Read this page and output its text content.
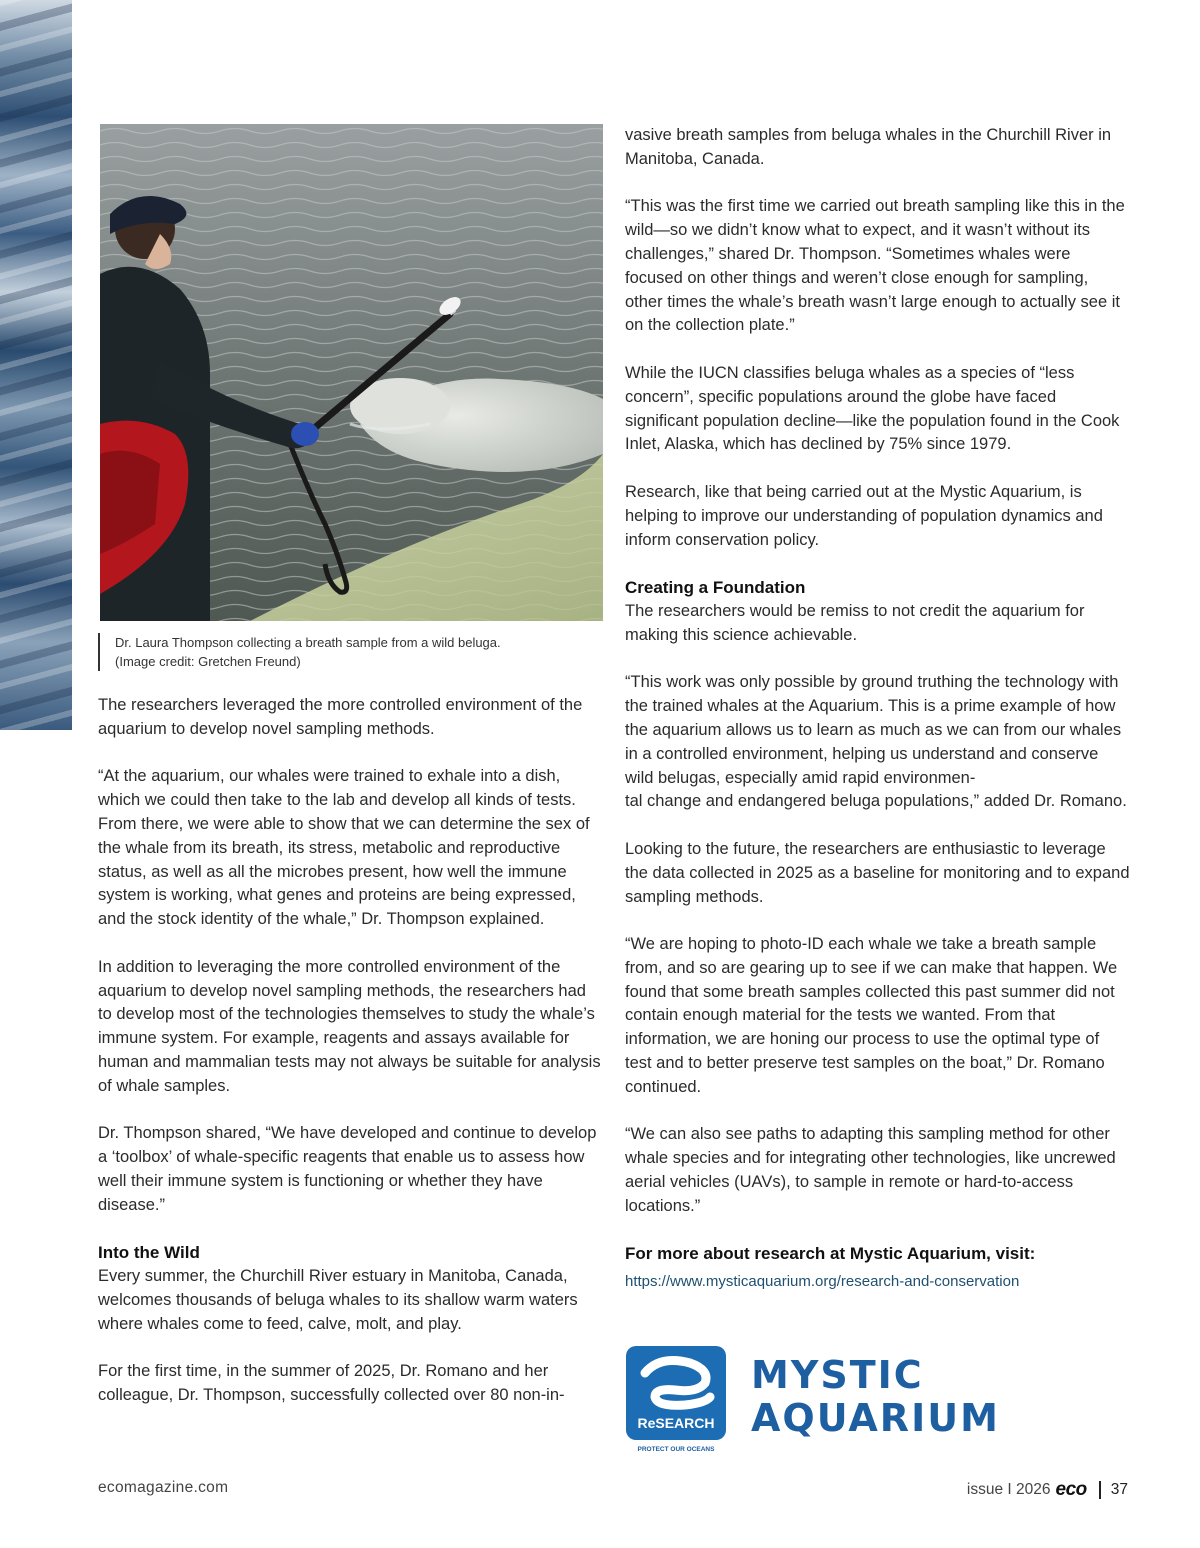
Dr. Laura Thompson collecting a breath sample from a wild beluga. (Image credit: Gretchen Freund)

The researchers leveraged the more controlled environment of the aquarium to develop novel sampling methods.

“At the aquarium, our whales were trained to exhale into a dish, which we could then take to the lab and develop all kinds of tests. From there, we were able to show that we can determine the sex of the whale from its breath, its stress, metabolic and reproductive status, as well as all the microbes present, how well the immune system is working, what genes and proteins are being expressed, and the stock identity of the whale,” Dr. Thompson explained.

In addition to leveraging the more controlled environment of the aquarium to develop novel sampling methods, the researchers had to develop most of the technologies themselves to study the whale’s immune system. For example, reagents and assays available for human and mammalian tests may not always be suitable for analysis of whale samples.

Dr. Thompson shared, “We have developed and continue to develop a ‘toolbox’ of whale-specific reagents that enable us to assess how well their immune system is functioning or whether they have disease.”

Into the Wild

Every summer, the Churchill River estuary in Manitoba, Canada, welcomes thousands of beluga whales to its shallow warm waters where whales come to feed, calve, molt, and play.

For the first time, in the summer of 2025, Dr. Romano and her colleague, Dr. Thompson, successfully collected over 80 non-in-

vasive breath samples from beluga whales in the Churchill River in Manitoba, Canada.

“This was the first time we carried out breath sampling like this in the wild—so we didn’t know what to expect, and it wasn’t without its challenges,” shared Dr. Thompson. “Sometimes whales were focused on other things and weren’t close enough for sampling, other times the whale’s breath wasn’t large enough to actually see it on the collection plate.”

While the IUCN classifies beluga whales as a species of “less concern”, specific populations around the globe have faced significant population decline—like the population found in the Cook Inlet, Alaska, which has declined by 75% since 1979.

Research, like that being carried out at the Mystic Aquarium, is helping to improve our understanding of population dynamics and inform conservation policy.

Creating a Foundation

The researchers would be remiss to not credit the aquarium for making this science achievable.

“This work was only possible by ground truthing the technology with the trained whales at the Aquarium. This is a prime example of how the aquarium allows us to learn as much as we can from our whales in a controlled environment, helping us understand and conserve wild belugas, especially amid rapid environmen-
tal change and endangered beluga populations,” added Dr. Romano.

Looking to the future, the researchers are enthusiastic to leverage the data collected in 2025 as a baseline for monitoring and to expand sampling methods.

“We are hoping to photo-ID each whale we take a breath sample from, and so are gearing up to see if we can make that happen. We found that some breath samples collected this past summer did not contain enough material for the tests we wanted. From that information, we are honing our process to use the optimal type of test and to better preserve test samples on the boat,” Dr. Romano continued.

“We can also see paths to adapting this sampling method for other whale species and for integrating other technologies, like uncrewed aerial vehicles (UAVs), to sample in remote or hard-to-access locations.”

For more about research at Mystic Aquarium, visit:
https://www.mysticaquarium.org/research-and-conservation
ReSEARCH
PROTECT OUR OCEANS
MYSTIC
AQUARIUM
ecomagazine.com	issue I 2026 eco 37
